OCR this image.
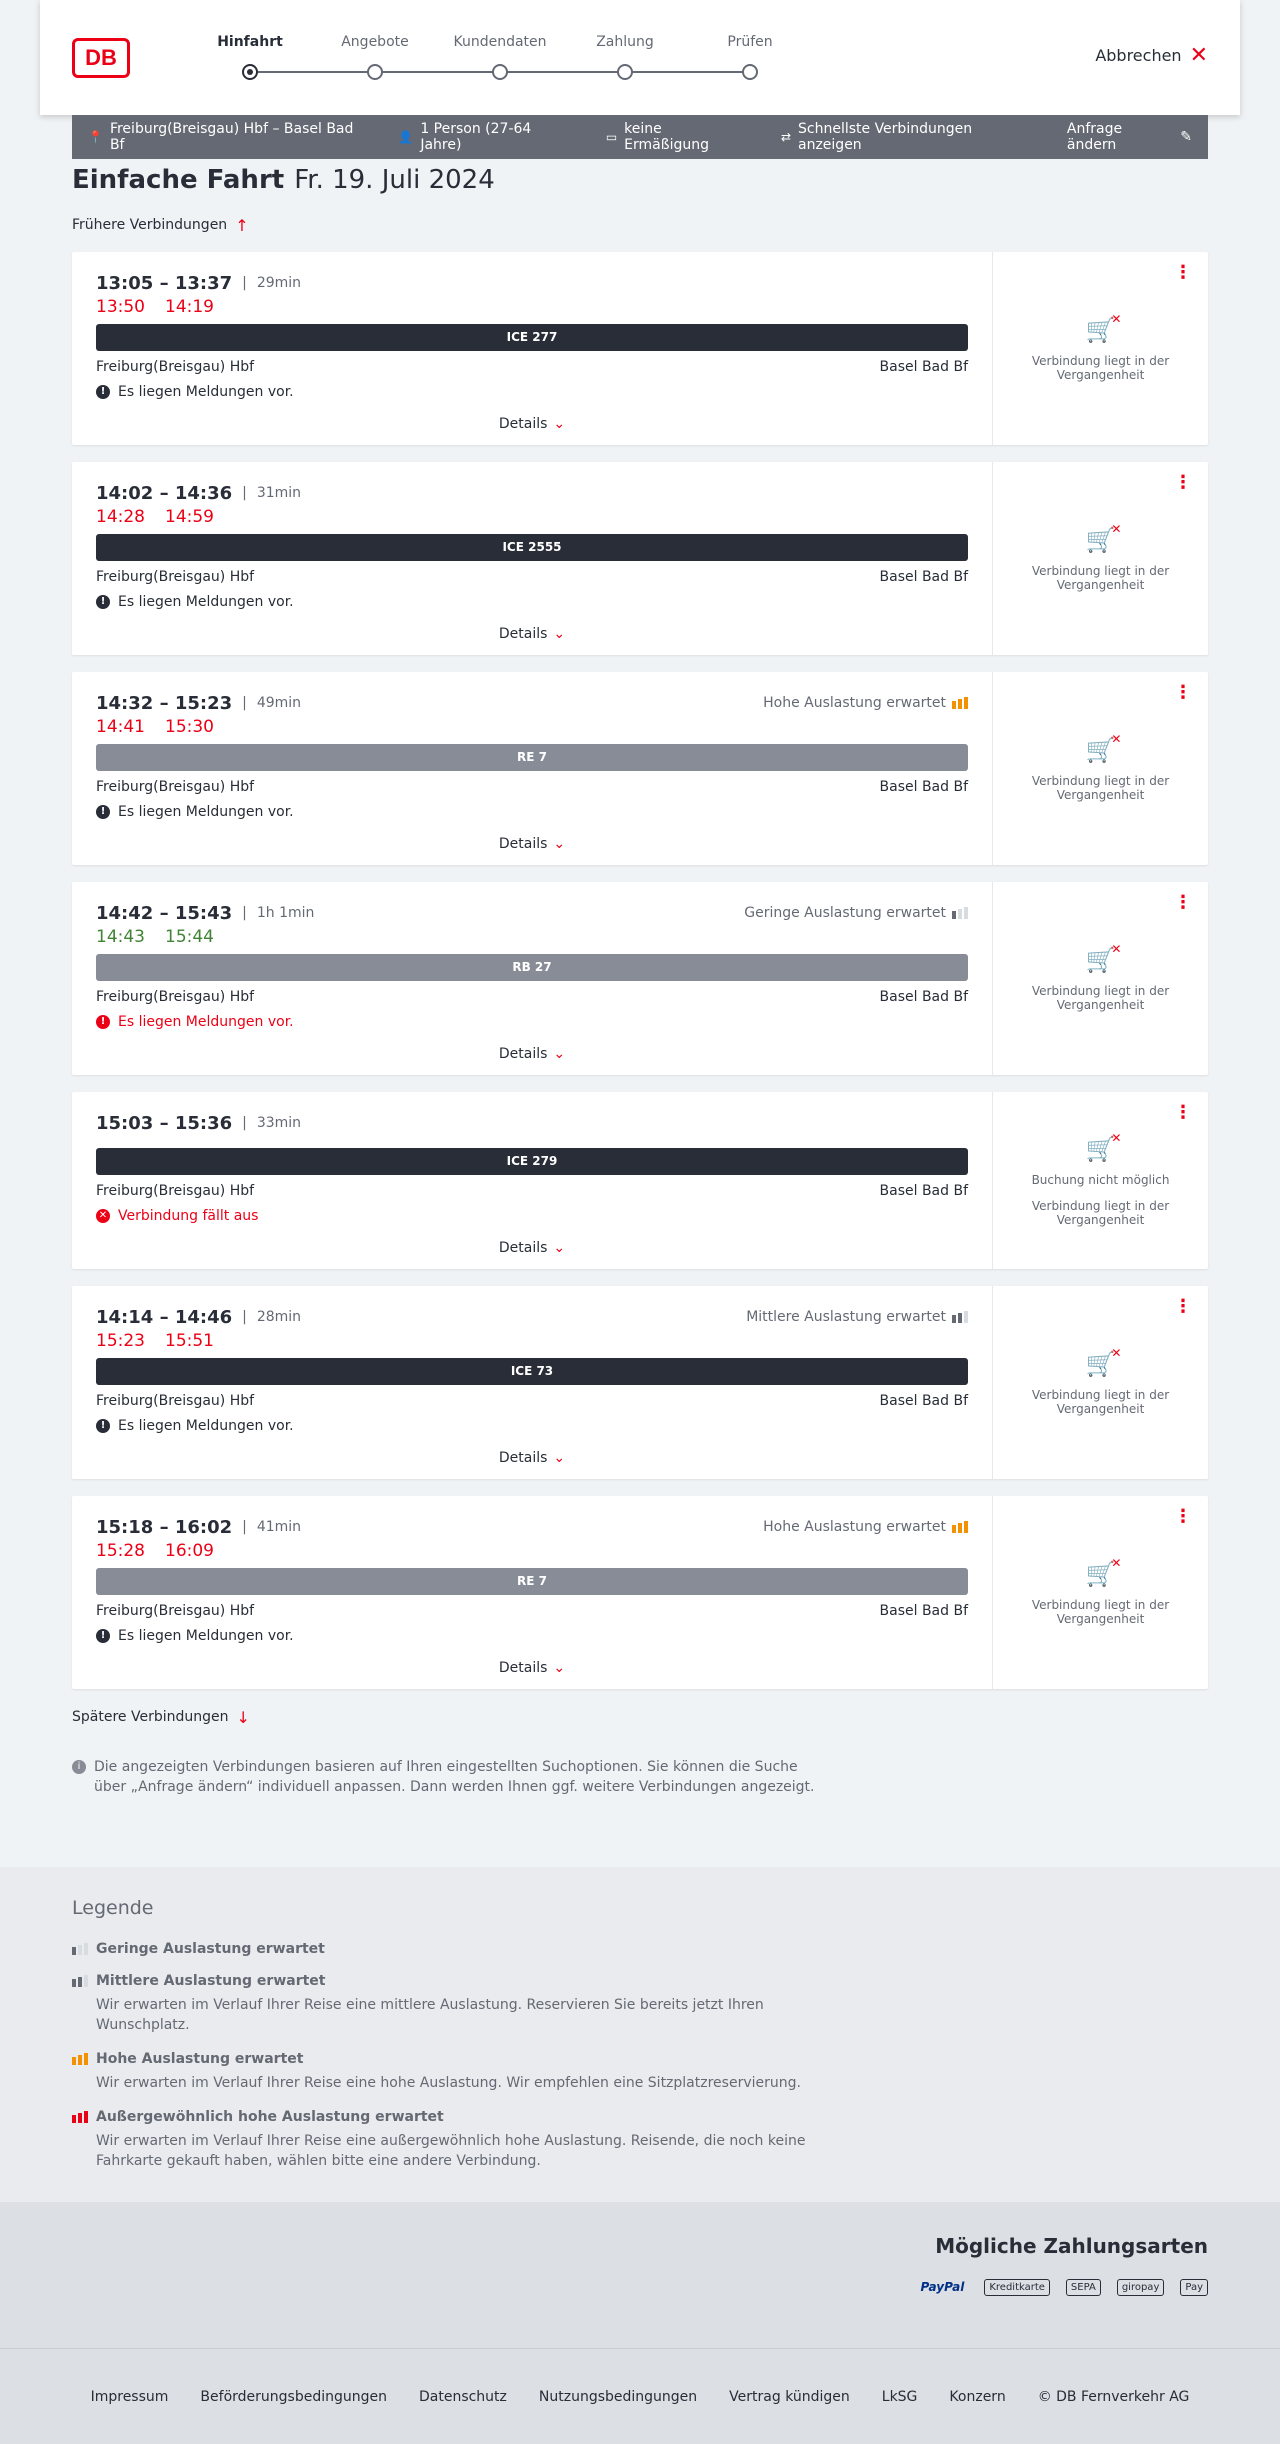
DB
Hinfahrt	Angebote	Kundendaten	Zahlung	Prüfen
Abbrechen ✕
📍 Freiburg(Breisgau) Hbf – Basel Bad Bf	👤 1 Person (27-64 Jahre)	▭ keine Ermäßigung	⇄ Schnellste Verbindungen anzeigen
Anfrage ändern	✎
Einfache Fahrt Fr. 19. Juli 2024
Frühere Verbindungen ↑
13:05 – 13:37 | 29min
13:50 14:19
ICE 277
Freiburg(Breisgau) Hbf	Basel Bad Bf
! Es liegen Meldungen vor.
Details ⌄
⋮
🛒
✕
Verbindung liegt in der Vergangenheit
14:02 – 14:36 | 31min
14:28 14:59
ICE 2555
Freiburg(Breisgau) Hbf	Basel Bad Bf
! Es liegen Meldungen vor.
Details ⌄
⋮
🛒
✕
Verbindung liegt in der Vergangenheit
14:32 – 15:23 | 49min	Hohe Auslastung erwartet
14:41 15:30
RE 7
Freiburg(Breisgau) Hbf	Basel Bad Bf
! Es liegen Meldungen vor.
Details ⌄
⋮
🛒
✕
Verbindung liegt in der Vergangenheit
14:42 – 15:43 | 1h 1min	Geringe Auslastung erwartet
14:43 15:44
RB 27
Freiburg(Breisgau) Hbf	Basel Bad Bf
! Es liegen Meldungen vor.
Details ⌄
⋮
🛒
✕
Verbindung liegt in der Vergangenheit
15:03 – 15:36 | 33min
ICE 279
Freiburg(Breisgau) Hbf	Basel Bad Bf
✕ Verbindung fällt aus
Details ⌄
⋮
🛒
✕
Buchung nicht möglich
Verbindung liegt in der Vergangenheit
14:14 – 14:46 | 28min	Mittlere Auslastung erwartet
15:23 15:51
ICE 73
Freiburg(Breisgau) Hbf	Basel Bad Bf
! Es liegen Meldungen vor.
Details ⌄
⋮
🛒
✕
Verbindung liegt in der Vergangenheit
15:18 – 16:02 | 41min	Hohe Auslastung erwartet
15:28 16:09
RE 7
Freiburg(Breisgau) Hbf	Basel Bad Bf
! Es liegen Meldungen vor.
Details ⌄
⋮
🛒
✕
Verbindung liegt in der Vergangenheit
Spätere Verbindungen ↓
i Die angezeigten Verbindungen basieren auf Ihren eingestellten Suchoptionen. Sie können die Suche über „Anfrage ändern“ individuell anpassen. Dann werden Ihnen ggf. weitere Verbindungen angezeigt.
Legende
Geringe Auslastung erwartet
Mittlere Auslastung erwartet
Wir erwarten im Verlauf Ihrer Reise eine mittlere Auslastung. Reservieren Sie bereits jetzt Ihren Wunschplatz.
Hohe Auslastung erwartet
Wir erwarten im Verlauf Ihrer Reise eine hohe Auslastung. Wir empfehlen eine Sitzplatzreservierung.
Außergewöhnlich hohe Auslastung erwartet
Wir erwarten im Verlauf Ihrer Reise eine außergewöhnlich hohe Auslastung. Reisende, die noch keine Fahrkarte gekauft haben, wählen bitte eine andere Verbindung.
Mögliche Zahlungsarten
PayPal	Kreditkarte	SEPA	giropay	Pay
Impressum Beförderungsbedingungen Datenschutz Nutzungsbedingungen Vertrag kündigen LkSG Konzern © DB Fernverkehr AG
